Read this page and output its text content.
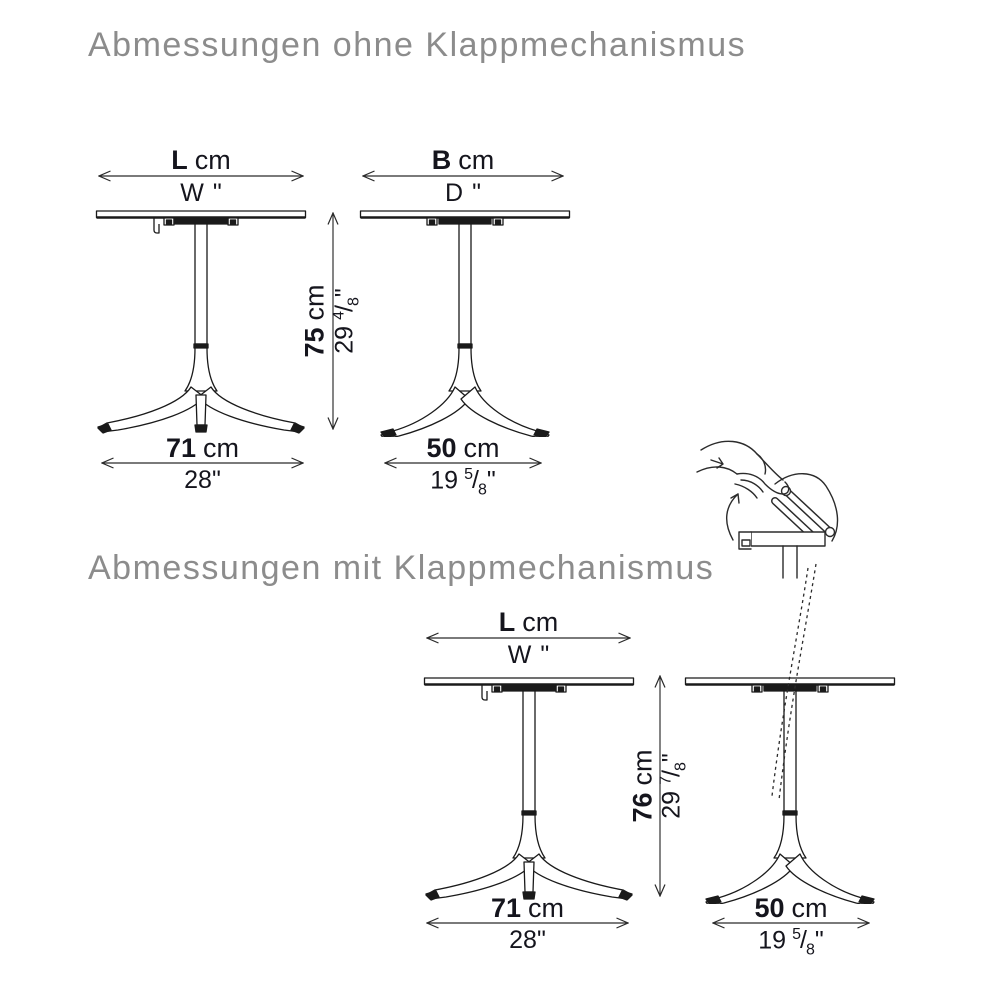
Abmessungen ohne Klappmechanismus
L cm
W "
B cm
D "
75cm
$29^4/_8$"
71 cm
28"
50 cm
19 $^5/_8$"
Abmessungen mit Klappmechanismus
L cm
W "
76cm
$29^7/_8$"
71 cm
28"
50 cm
19 $^5/_8$"
